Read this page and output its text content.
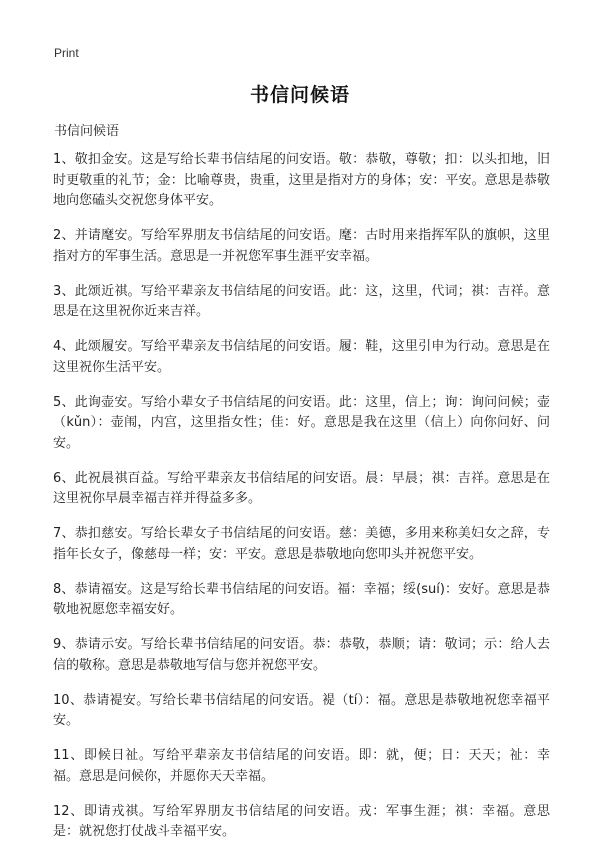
Print
书信问候语
书信问候语

1、敬扣金安。这是写给长辈书信结尾的问安语。敬：恭敬，尊敬；扣：以头扣地，旧时更敬重的礼节；金：比喻尊贵，贵重，这里是指对方的身体；安：平安。意思是恭敬地向您磕头交祝您身体平安。

2、并请麾安。写给军界朋友书信结尾的问安语。麾：古时用来指挥军队的旗帜，这里指对方的军事生活。意思是一并祝您军事生涯平安幸福。

3、此颂近祺。写给平辈亲友书信结尾的问安语。此：这，这里，代词；祺：吉祥。意思是在这里祝你近来吉祥。

4、此颂履安。写给平辈亲友书信结尾的问安语。履：鞋，这里引申为行动。意思是在这里祝你生活平安。

5、此询壶安。写给小辈女子书信结尾的问安语。此：这里，信上；询：询问问候；壶（kǔn）：壶闱，内宫，这里指女性；佳：好。意思是我在这里（信上）向你问好、问安。

6、此祝晨祺百益。写给平辈亲友书信结尾的问安语。晨：早晨；祺：吉祥。意思是在这里祝你早晨幸福吉祥并得益多多。

7、恭扣慈安。写给长辈女子书信结尾的问安语。慈：美德，多用来称美妇女之辞，专指年长女子，像慈母一样；安：平安。意思是恭敬地向您叩头并祝您平安。

8、恭请福安。这是写给长辈书信结尾的问安语。福：幸福；绥(suí)：安好。意思是恭敬地祝愿您幸福安好。

9、恭请示安。写给长辈书信结尾的问安语。恭：恭敬，恭顺；请：敬词；示：给人去信的敬称。意思是恭敬地写信与您并祝您平安。

10、恭请褆安。写给长辈书信结尾的问安语。褆（tí）：福。意思是恭敬地祝您幸福平安。

11、即候日祉。写给平辈亲友书信结尾的问安语。即：就，便；日：天天；祉：幸福。意思是问候你，并愿你天天幸福。

12、即请戎祺。写给军界朋友书信结尾的问安语。戎：军事生涯；祺：幸福。意思是：就祝您打仗战斗幸福平安。
